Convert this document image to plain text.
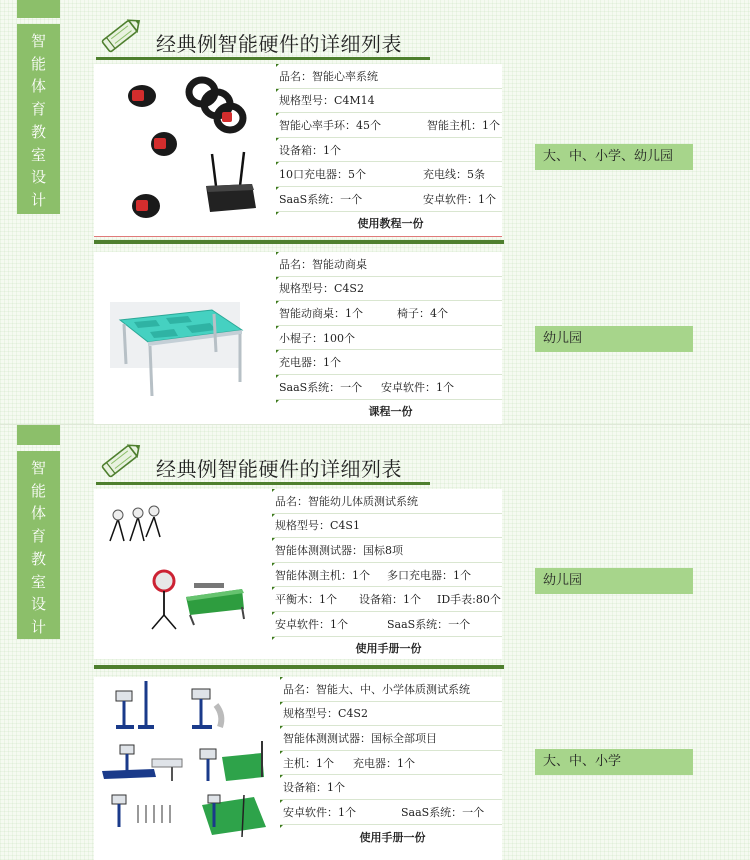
智
能
体
育
教
室
设
计
经典例智能硬件的详细列表
品名：智能心率系统
规格型号：C4M14
智能心率手环：45个	智能主机：1个
设备箱：1个
10口充电器：5个	充电线：5条
SaaS系统：一个	安卓软件：1个
使用教程一份
大、中、小学、幼儿园
品名：智能动商桌
规格型号：C4S2
智能动商桌：1个	椅子：4个
小棍子：100个
充电器：1个
SaaS系统：一个	安卓软件：1个
课程一份
幼儿园
智
能
体
育
教
室
设
计
经典例智能硬件的详细列表
品名：智能幼儿体质测试系统
规格型号：C4S1
智能体测测试器：国标8项
智能体测主机：1个	多口充电器：1个
平衡木：1个	设备箱：1个	ID手表:80个
安卓软件：1个	SaaS系统：一个
使用手册一份
幼儿园
品名：智能大、中、小学体质测试系统
规格型号：C4S2
智能体测测试器：国标全部项目
主机：1个	充电器：1个
设备箱：1个
安卓软件：1个	SaaS系统：一个
使用手册一份
大、中、小学
